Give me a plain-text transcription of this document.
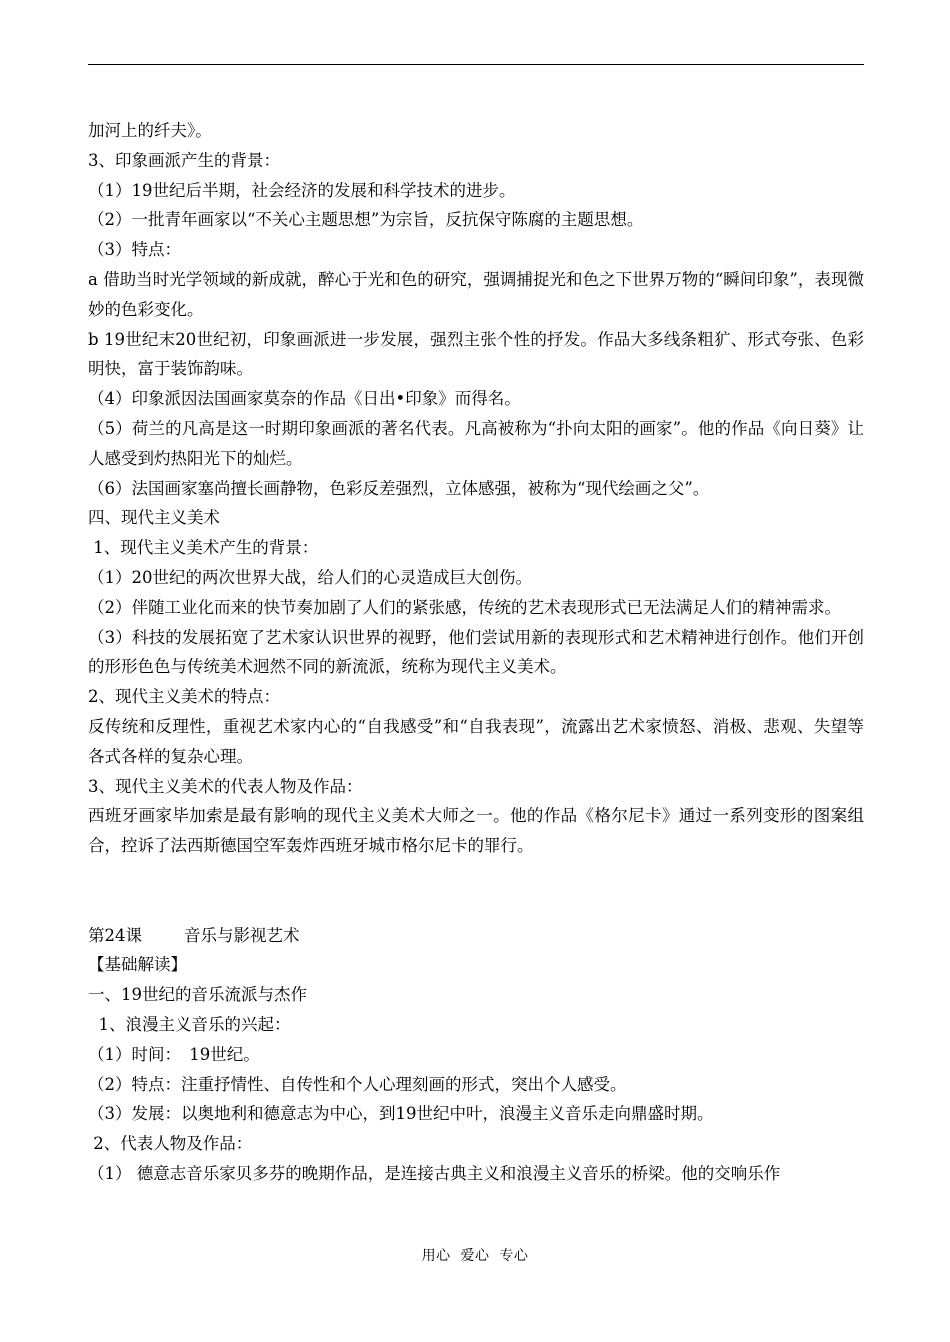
加河上的纤夫》。

3、印象画派产生的背景：

（1）19世纪后半期，社会经济的发展和科学技术的进步。

（2）一批青年画家以“不关心主题思想”为宗旨，反抗保守陈腐的主题思想。

（3）特点：

a 借助当时光学领域的新成就，醉心于光和色的研究，强调捕捉光和色之下世界万物的“瞬间印象”，表现微妙的色彩变化。

b 19世纪末20世纪初，印象画派进一步发展，强烈主张个性的抒发。作品大多线条粗犷、形式夸张、色彩明快，富于装饰韵味。

（4）印象派因法国画家莫奈的作品《日出•印象》而得名。

（5）荷兰的凡高是这一时期印象画派的著名代表。凡高被称为“扑向太阳的画家”。他的作品《向日葵》让人感受到灼热阳光下的灿烂。

（6）法国画家塞尚擅长画静物，色彩反差强烈，立体感强，被称为“现代绘画之父”。

四、现代主义美术

1、现代主义美术产生的背景：

（1）20世纪的两次世界大战，给人们的心灵造成巨大创伤。

（2）伴随工业化而来的快节奏加剧了人们的紧张感，传统的艺术表现形式已无法满足人们的精神需求。

（3）科技的发展拓宽了艺术家认识世界的视野，他们尝试用新的表现形式和艺术精神进行创作。他们开创的形形色色与传统美术迥然不同的新流派，统称为现代主义美术。

2、现代主义美术的特点：

反传统和反理性，重视艺术家内心的“自我感受”和“自我表现”，流露出艺术家愤怒、消极、悲观、失望等各式各样的复杂心理。

3、现代主义美术的代表人物及作品：

西班牙画家毕加索是最有影响的现代主义美术大师之一。他的作品《格尔尼卡》通过一系列变形的图案组合，控诉了法西斯德国空军轰炸西班牙城市格尔尼卡的罪行。

第24课	音乐与影视艺术

【基础解读】

一、19世纪的音乐流派与杰作

1、浪漫主义音乐的兴起：

（1）时间：　19世纪。

（2）特点：注重抒情性、自传性和个人心理刻画的形式，突出个人感受。

（3）发展：以奥地利和德意志为中心，到19世纪中叶，浪漫主义音乐走向鼎盛时期。

2、代表人物及作品：

（1） 德意志音乐家贝多芬的晚期作品，是连接古典主义和浪漫主义音乐的桥梁。他的交响乐作

用心  爱心  专心
